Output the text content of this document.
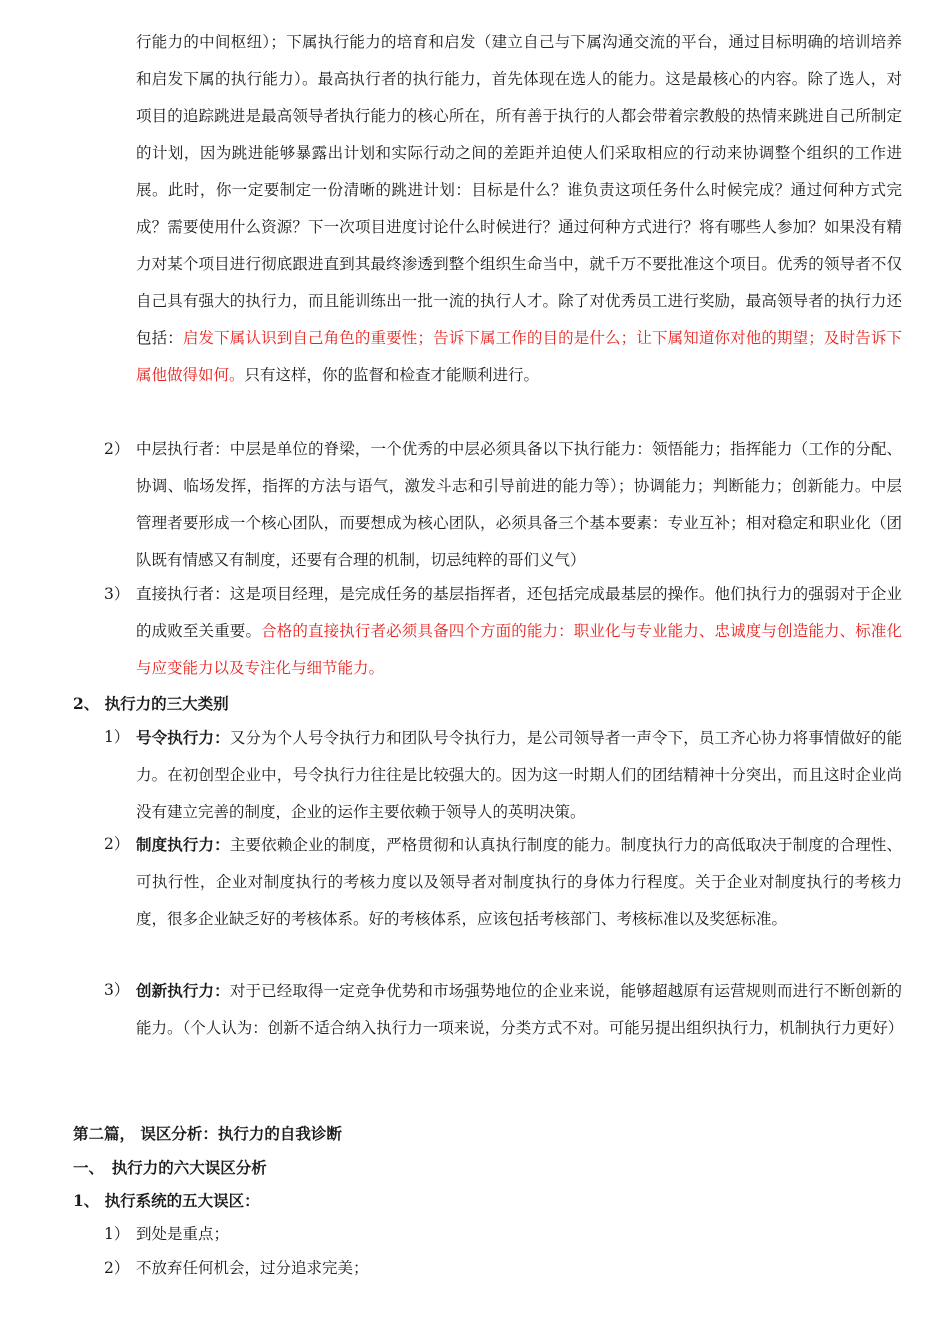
行能力的中间枢纽）；下属执行能力的培育和启发（建立自己与下属沟通交流的平台，通过目标明确的培训培养和启发下属的执行能力）。最高执行者的执行能力，首先体现在选人的能力。这是最核心的内容。除了选人，对项目的追踪跳进是最高领导者执行能力的核心所在，所有善于执行的人都会带着宗教般的热情来跳进自己所制定的计划，因为跳进能够暴露出计划和实际行动之间的差距并迫使人们采取相应的行动来协调整个组织的工作进展。此时，你一定要制定一份清晰的跳进计划：目标是什么？谁负责这项任务什么时候完成？通过何种方式完成？需要使用什么资源？下一次项目进度讨论什么时候进行？通过何种方式进行？将有哪些人参加？如果没有精力对某个项目进行彻底跟进直到其最终渗透到整个组织生命当中，就千万不要批准这个项目。优秀的领导者不仅自己具有强大的执行力，而且能训练出一批一流的执行人才。除了对优秀员工进行奖励，最高领导者的执行力还包括：启发下属认识到自己角色的重要性；告诉下属工作的目的是什么；让下属知道你对他的期望；及时告诉下属他做得如何。只有这样，你的监督和检查才能顺利进行。

2） 中层执行者：中层是单位的脊梁，一个优秀的中层必须具备以下执行能力：领悟能力；指挥能力（工作的分配、协调、临场发挥，指挥的方法与语气，激发斗志和引导前进的能力等）；协调能力；判断能力；创新能力。中层管理者要形成一个核心团队，而要想成为核心团队，必须具备三个基本要素：专业互补；相对稳定和职业化（团队既有情感又有制度，还要有合理的机制，切忌纯粹的哥们义气）
3） 直接执行者：这是项目经理，是完成任务的基层指挥者，还包括完成最基层的操作。他们执行力的强弱对于企业的成败至关重要。合格的直接执行者必须具备四个方面的能力：职业化与专业能力、忠诚度与创造能力、标准化与应变能力以及专注化与细节能力。

2、 执行力的三大类别

1） 号令执行力：又分为个人号令执行力和团队号令执行力，是公司领导者一声令下，员工齐心协力将事情做好的能力。在初创型企业中，号令执行力往往是比较强大的。因为这一时期人们的团结精神十分突出，而且这时企业尚没有建立完善的制度，企业的运作主要依赖于领导人的英明决策。
2） 制度执行力：主要依赖企业的制度，严格贯彻和认真执行制度的能力。制度执行力的高低取决于制度的合理性、可执行性，企业对制度执行的考核力度以及领导者对制度执行的身体力行程度。关于企业对制度执行的考核力度，很多企业缺乏好的考核体系。好的考核体系，应该包括考核部门、考核标准以及奖惩标准。
3） 创新执行力：对于已经取得一定竞争优势和市场强势地位的企业来说，能够超越原有运营规则而进行不断创新的能力。（个人认为：创新不适合纳入执行力一项来说，分类方式不对。可能另提出组织执行力，机制执行力更好）

第二篇， 误区分析：执行力的自我诊断

一、　执行力的六大误区分析

1、 执行系统的五大误区：

1） 到处是重点；
2） 不放弃任何机会，过分追求完美；
